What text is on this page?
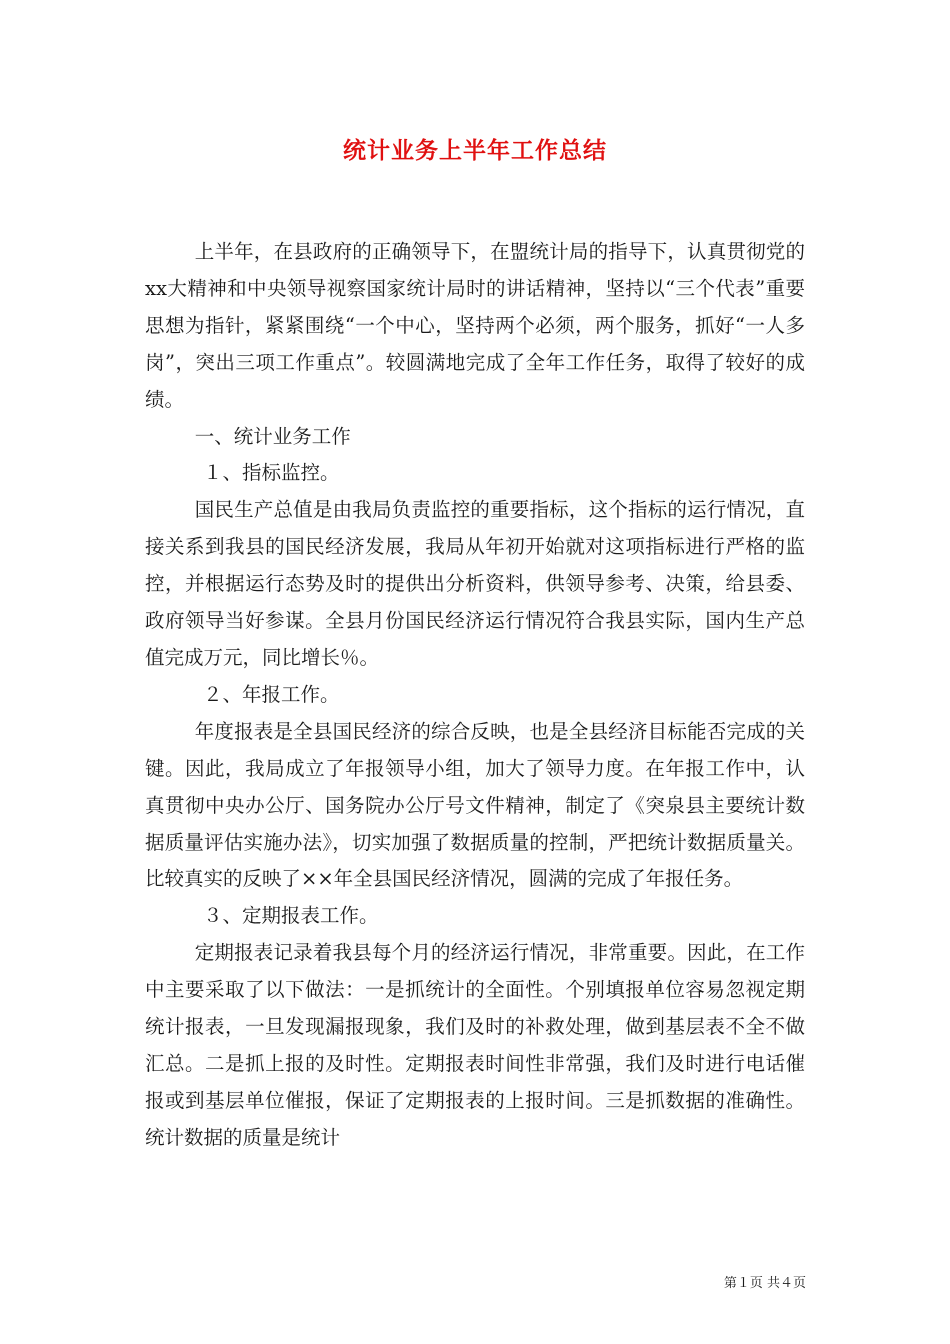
统计业务上半年工作总结

上半年，在县政府的正确领导下，在盟统计局的指导下，认真贯彻党的xx大精神和中央领导视察国家统计局时的讲话精神，坚持以“三个代表”重要思想为指针，紧紧围绕“一个中心，坚持两个必须，两个服务，抓好“一人多岗”，突出三项工作重点”。较圆满地完成了全年工作任务，取得了较好的成绩。

一、统计业务工作

１、指标监控。

国民生产总值是由我局负责监控的重要指标，这个指标的运行情况，直接关系到我县的国民经济发展，我局从年初开始就对这项指标进行严格的监控，并根据运行态势及时的提供出分析资料，供领导参考、决策，给县委、政府领导当好参谋。全县月份国民经济运行情况符合我县实际，国内生产总值完成万元，同比增长％。

２、年报工作。

年度报表是全县国民经济的综合反映，也是全县经济目标能否完成的关键。因此，我局成立了年报领导小组，加大了领导力度。在年报工作中，认真贯彻中央办公厅、国务院办公厅号文件精神，制定了《突泉县主要统计数据质量评估实施办法》，切实加强了数据质量的控制，严把统计数据质量关。比较真实的反映了××年全县国民经济情况，圆满的完成了年报任务。

３、定期报表工作。

定期报表记录着我县每个月的经济运行情况，非常重要。因此，在工作中主要采取了以下做法：一是抓统计的全面性。个别填报单位容易忽视定期统计报表，一旦发现漏报现象，我们及时的补救处理，做到基层表不全不做汇总。二是抓上报的及时性。定期报表时间性非常强，我们及时进行电话催报或到基层单位催报，保证了定期报表的上报时间。三是抓数据的准确性。统计数据的质量是统计

第１页 共４页
